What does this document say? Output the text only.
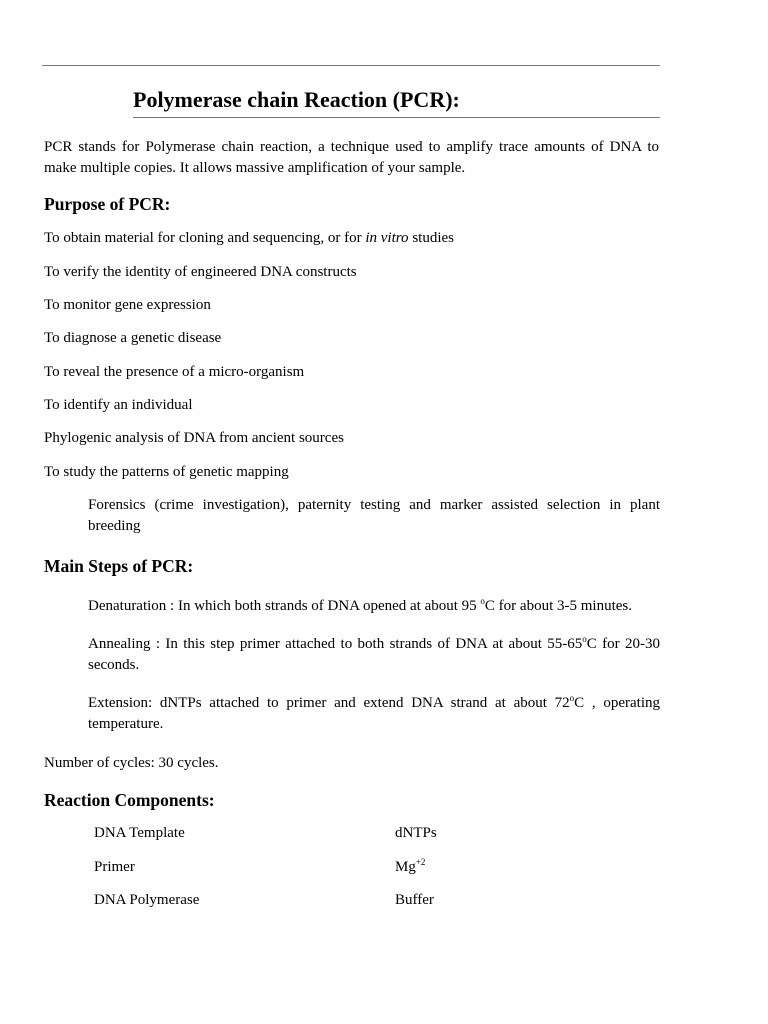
Polymerase chain Reaction (PCR):
PCR stands for Polymerase chain reaction, a technique used to amplify trace amounts of DNA to make multiple copies. It allows massive amplification of your sample.
Purpose of PCR:
To obtain material for cloning and sequencing, or for in vitro studies
To verify the identity of engineered DNA constructs
To monitor gene expression
To diagnose a genetic disease
To reveal the presence of a micro-organism
To identify an individual
Phylogenic analysis of DNA from ancient sources
To study the patterns of genetic mapping
Forensics (crime investigation), paternity testing and marker assisted selection in plant breeding
Main Steps of PCR:
Denaturation : In which both strands of DNA opened at about 95 $^o$C for about 3-5 minutes.
Annealing : In this step primer attached to both strands of DNA at about 55-65$^o$C for 20-30 seconds.
Extension: dNTPs attached to primer and extend DNA strand at about 72$^o$C , operating temperature.
Number of cycles: 30 cycles.
Reaction Components:
DNA Template
Primer
DNA Polymerase
dNTPs
$Mg^{+2}$
Buffer
